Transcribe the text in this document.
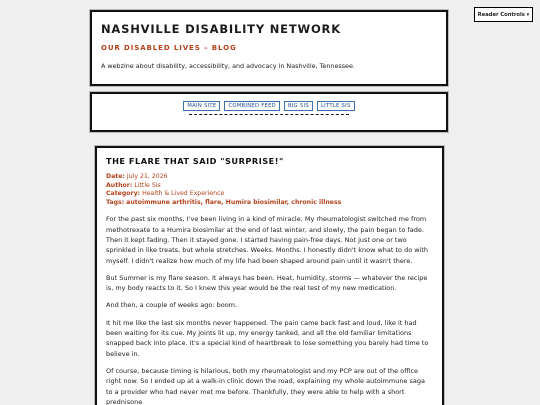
Reader Controls ▾
NASHVILLE DISABILITY NETWORK
OUR DISABLED LIVES – BLOG
A webzine about disability, accessibility, and advocacy in Nashville, Tennessee.
MAIN SITE	COMBINED FEED	BIG SIS	LITTLE SIS
THE FLARE THAT SAID "SURPRISE!"
Date: July 21, 2026
Author: Little Sis
Category: Health & Lived Experience
Tags: autoimmune arthritis, flare, Humira biosimilar, chronic illness

For the past six months, I've been living in a kind of miracle. My rheumatologist switched me from methotrexate to a Humira biosimilar at the end of last winter, and slowly, the pain began to fade. Then it kept fading. Then it stayed gone. I started having pain-free days. Not just one or two sprinkled in like treats, but whole stretches. Weeks. Months. I honestly didn't know what to do with myself. I didn't realize how much of my life had been shaped around pain until it wasn't there.

But Summer is my flare season. It always has been. Heat, humidity, storms — whatever the recipe is, my body reacts to it. So I knew this year would be the real test of my new medication.

And then, a couple of weeks ago: boom.

It hit me like the last six months never happened. The pain came back fast and loud, like it had been waiting for its cue. My joints lit up, my energy tanked, and all the old familiar limitations snapped back into place. It's a special kind of heartbreak to lose something you barely had time to believe in.

Of course, because timing is hilarious, both my rheumatologist and my PCP are out of the office right now. So I ended up at a walk-in clinic down the road, explaining my whole autoimmune saga to a provider who had never met me before. Thankfully, they were able to help with a short prednisone
